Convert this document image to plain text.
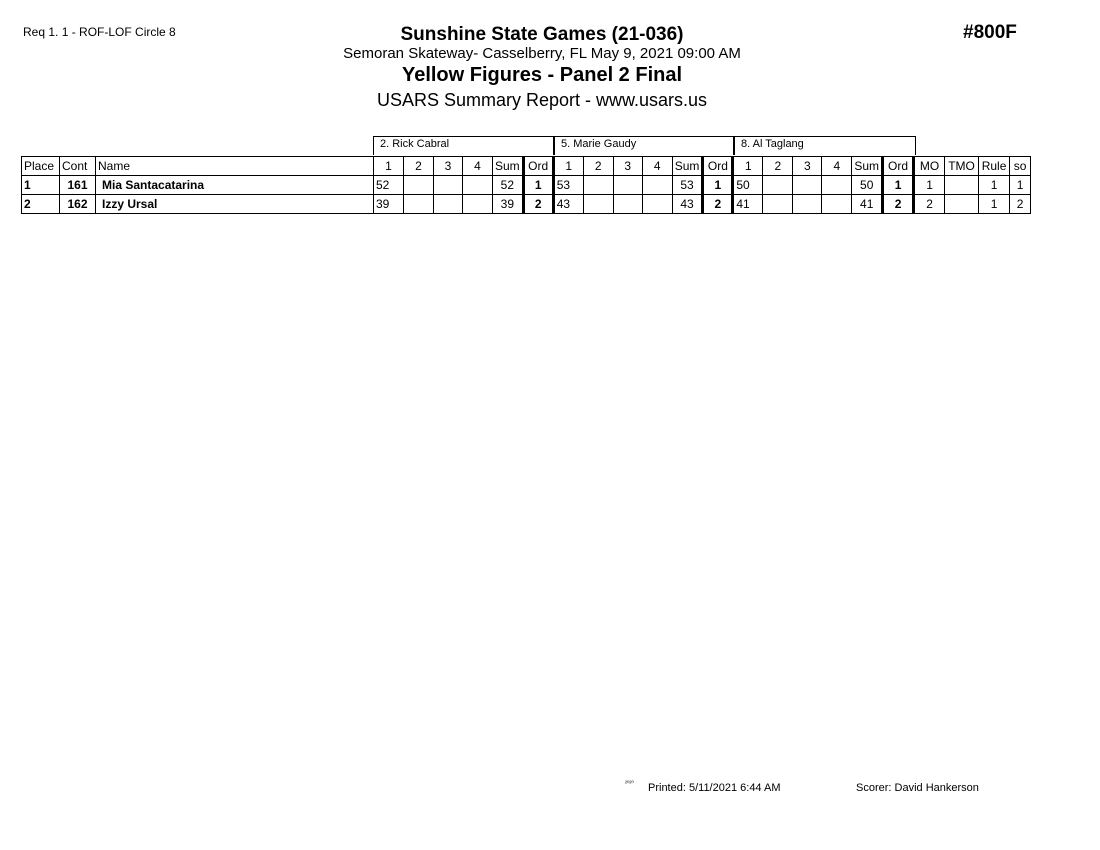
Req 1. 1 - ROF-LOF Circle 8	#800F
Sunshine State Games (21-036)
Semoran Skateway- Casselberry, FL May 9, 2021 09:00 AM
Yellow Figures - Panel 2 Final
USARS Summary Report - www.usars.us
2. Rick Cabral	5. Marie Gaudy	8. Al Taglang
Place	Cont	Name	1	2	3	4	Sum	Ord	1	2	3	4	Sum	Ord	1	2	3	4	Sum	Ord	MO	TMO	Rule	so
1	161	Mia Santacatarina	52				52	1	53				53	1	50				50	1	1		1	1
2	162	Izzy Ursal	39				39	2	43				43	2	41				41	2	2		1	2
²⁰²⁰ Printed: 5/11/2021 6:44 AM	Scorer: David Hankerson
